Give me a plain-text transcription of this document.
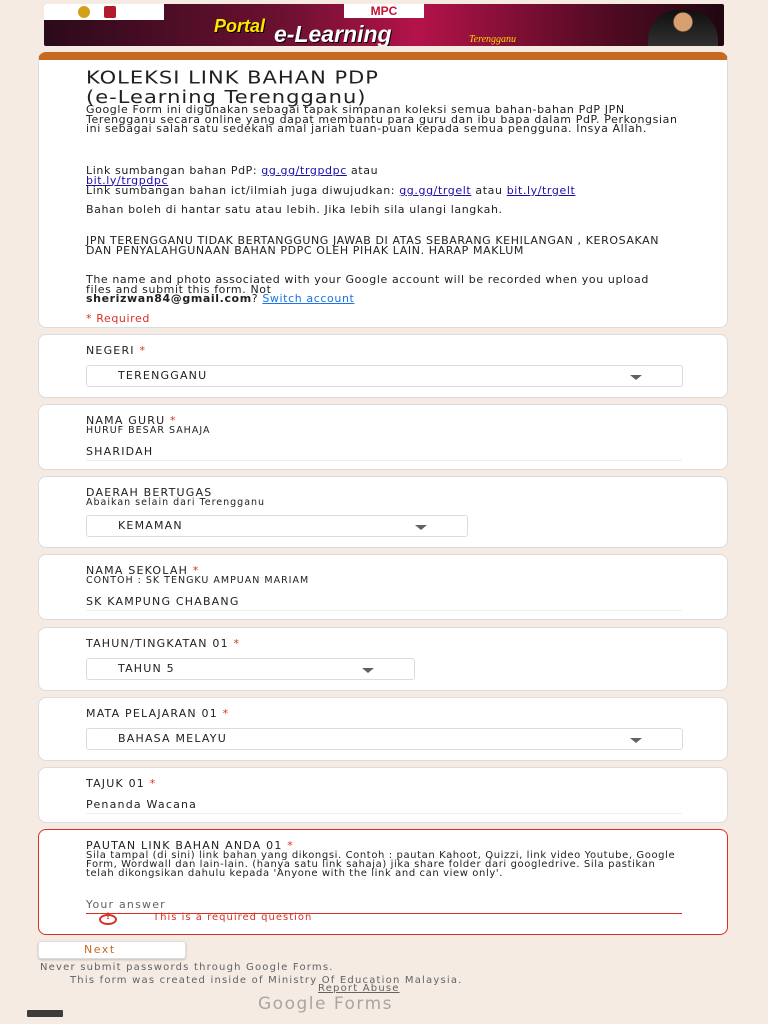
MPC
Portal e-Learning	Terengganu
KOLEKSI LINK BAHAN PDP
(e-Learning Terengganu)

Google Form ini digunakan sebagai tapak simpanan koleksi semua bahan-bahan PdP JPN Terengganu secara online yang dapat membantu para guru dan ibu bapa dalam PdP. Perkongsian ini sebagai salah satu sedekah amal jariah tuan-puan kepada semua pengguna. Insya Allah.

Link sumbangan bahan PdP: gg.gg/trgpdpc atau
bit.ly/trgpdpc

Link sumbangan bahan ict/ilmiah juga diwujudkan: gg.gg/trgelt atau bit.ly/trgelt

Bahan boleh di hantar satu atau lebih. Jika lebih sila ulangi langkah.

JPN TERENGGANU TIDAK BERTANGGUNG JAWAB DI ATAS SEBARANG KEHILANGAN , KEROSAKAN DAN PENYALAHGUNAAN BAHAN PDPC OLEH PIHAK LAIN. HARAP MAKLUM

The name and photo associated with your Google account will be recorded when you upload files and submit this form. Not
sherizwan84@gmail.com? Switch account

* Required
NEGERI *
TERENGGANU
NAMA GURU *
HURUF BESAR SAHAJA
SHARIDAH
DAERAH BERTUGAS
Abaikan selain dari Terengganu
KEMAMAN
NAMA SEKOLAH *
CONTOH : SK TENGKU AMPUAN MARIAM
SK KAMPUNG CHABANG
TAHUN/TINGKATAN 01 *
TAHUN 5
MATA PELAJARAN 01 *
BAHASA MELAYU
TAJUK 01 *
Penanda Wacana
PAUTAN LINK BAHAN ANDA 01 *

Sila tampal (di sini) link bahan yang dikongsi. Contoh : pautan Kahoot, Quizzi, link video Youtube, Google Form, Wordwall dan lain-lain. (hanya satu link sahaja) jika share folder dari googledrive. Sila pastikan telah dikongsikan dahulu kepada 'Anyone with the link and can view only'.

Your answer
!
This is a required question
Next
Never submit passwords through Google Forms.
This form was created inside of Ministry Of Education Malaysia.
Report Abuse
Google Forms
